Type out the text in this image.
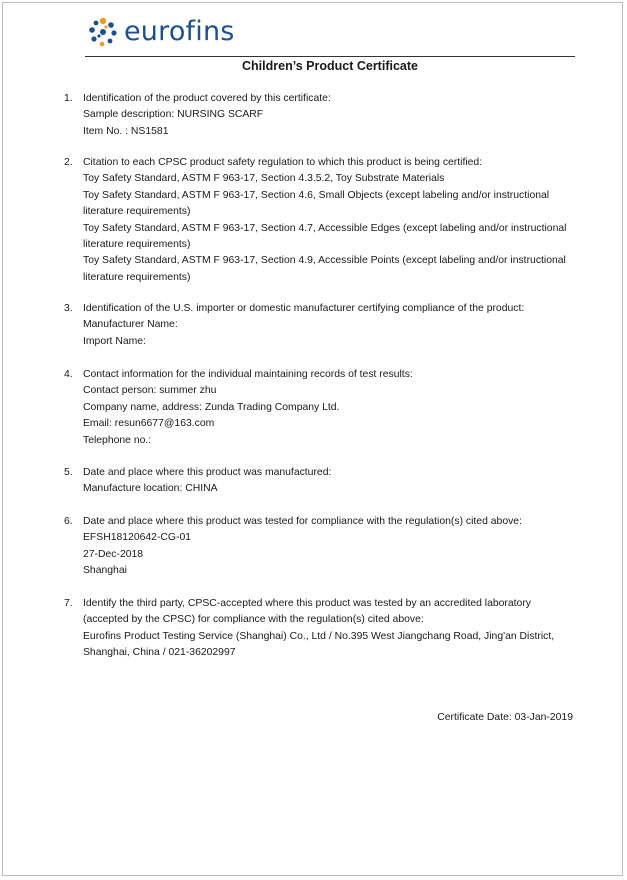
eurofins
Children’s Product Certificate
1. Identification of the product covered by this certificate:
Sample description: NURSING SCARF
Item No. : NS1581
2. Citation to each CPSC product safety regulation to which this product is being certified:
Toy Safety Standard, ASTM F 963-17, Section 4.3.5.2, Toy Substrate Materials
Toy Safety Standard, ASTM F 963-17, Section 4.6, Small Objects (except labeling and/or instructional
literature requirements)
Toy Safety Standard, ASTM F 963-17, Section 4.7, Accessible Edges (except labeling and/or instructional
literature requirements)
Toy Safety Standard, ASTM F 963-17, Section 4.9, Accessible Points (except labeling and/or instructional
literature requirements)
3. Identification of the U.S. importer or domestic manufacturer certifying compliance of the product:
Manufacturer Name:
Import Name:
4. Contact information for the individual maintaining records of test results:
Contact person: summer zhu
Company name, address: Zunda Trading Company Ltd.
Email: resun6677@163.com
Telephone no.:
5. Date and place where this product was manufactured:
Manufacture location: CHINA
6. Date and place where this product was tested for compliance with the regulation(s) cited above:
EFSH18120642-CG-01
27-Dec-2018
Shanghai
7. Identify the third party, CPSC-accepted where this product was tested by an accredited laboratory
(accepted by the CPSC) for compliance with the regulation(s) cited above:
Eurofins Product Testing Service (Shanghai) Co., Ltd / No.395 West Jiangchang Road, Jing'an District,
Shanghai, China / 021-36202997
Certificate Date: 03-Jan-2019
